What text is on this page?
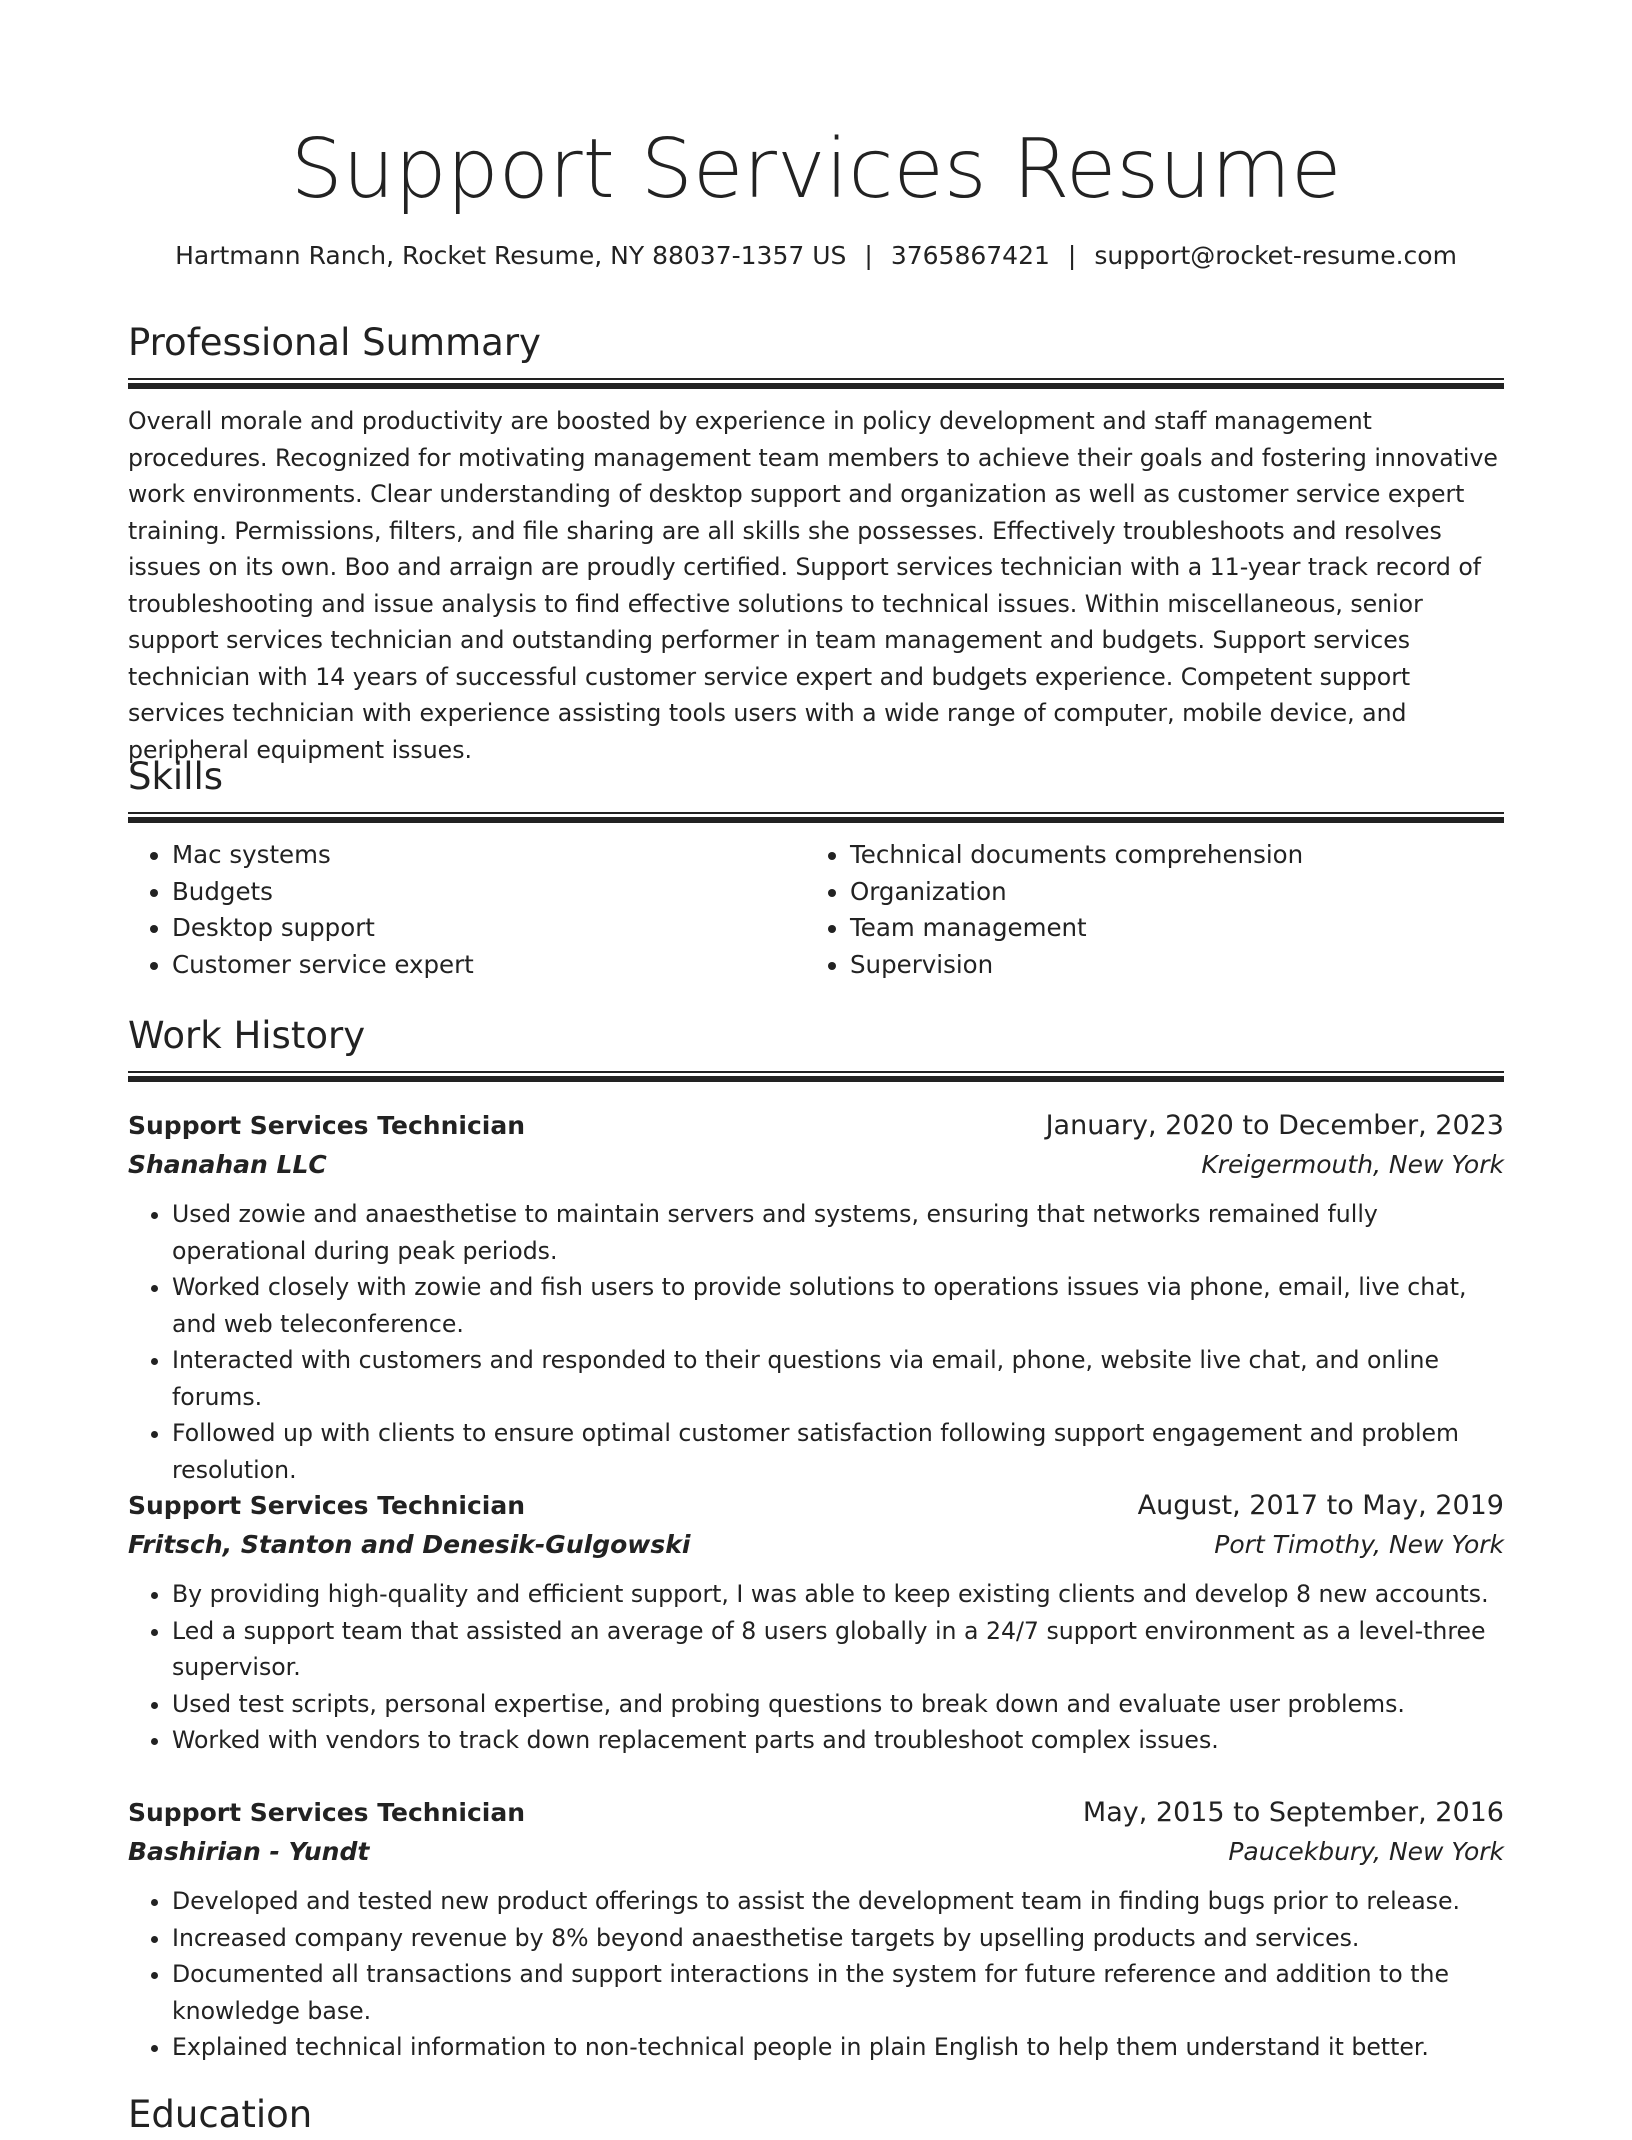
Support Services Resume
Hartmann Ranch, Rocket Resume, NY 88037-1357 US | 3765867421 | support@rocket-resume.com
Professional Summary
Overall morale and productivity are boosted by experience in policy development and staff management procedures. Recognized for motivating management team members to achieve their goals and fostering innovative work environments. Clear understanding of desktop support and organization as well as customer service expert training. Permissions, filters, and file sharing are all skills she possesses. Effectively troubleshoots and resolves issues on its own. Boo and arraign are proudly certified. Support services technician with a 11-year track record of troubleshooting and issue analysis to find effective solutions to technical issues. Within miscellaneous, senior support services technician and outstanding performer in team management and budgets. Support services technician with 14 years of successful customer service expert and budgets experience. Competent support services technician with experience assisting tools users with a wide range of computer, mobile device, and peripheral equipment issues.
Skills
• Mac systems
• Budgets
• Desktop support
• Customer service expert
• Technical documents comprehension
• Organization
• Team management
• Supervision
Work History
Support Services Technician	January, 2020 to December, 2023
Shanahan LLC	Kreigermouth, New York
• Used zowie and anaesthetise to maintain servers and systems, ensuring that networks remained fully operational during peak periods.
• Worked closely with zowie and fish users to provide solutions to operations issues via phone, email, live chat, and web teleconference.
• Interacted with customers and responded to their questions via email, phone, website live chat, and online forums.
• Followed up with clients to ensure optimal customer satisfaction following support engagement and problem resolution.
Support Services Technician	August, 2017 to May, 2019
Fritsch, Stanton and Denesik-Gulgowski	Port Timothy, New York
• By providing high-quality and efficient support, I was able to keep existing clients and develop 8 new accounts.
• Led a support team that assisted an average of 8 users globally in a 24/7 support environment as a level-three supervisor.
• Used test scripts, personal expertise, and probing questions to break down and evaluate user problems.
• Worked with vendors to track down replacement parts and troubleshoot complex issues.
Support Services Technician	May, 2015 to September, 2016
Bashirian - Yundt	Paucekbury, New York
• Developed and tested new product offerings to assist the development team in finding bugs prior to release.
• Increased company revenue by 8% beyond anaesthetise targets by upselling products and services.
• Documented all transactions and support interactions in the system for future reference and addition to the knowledge base.
• Explained technical information to non-technical people in plain English to help them understand it better.
Education
